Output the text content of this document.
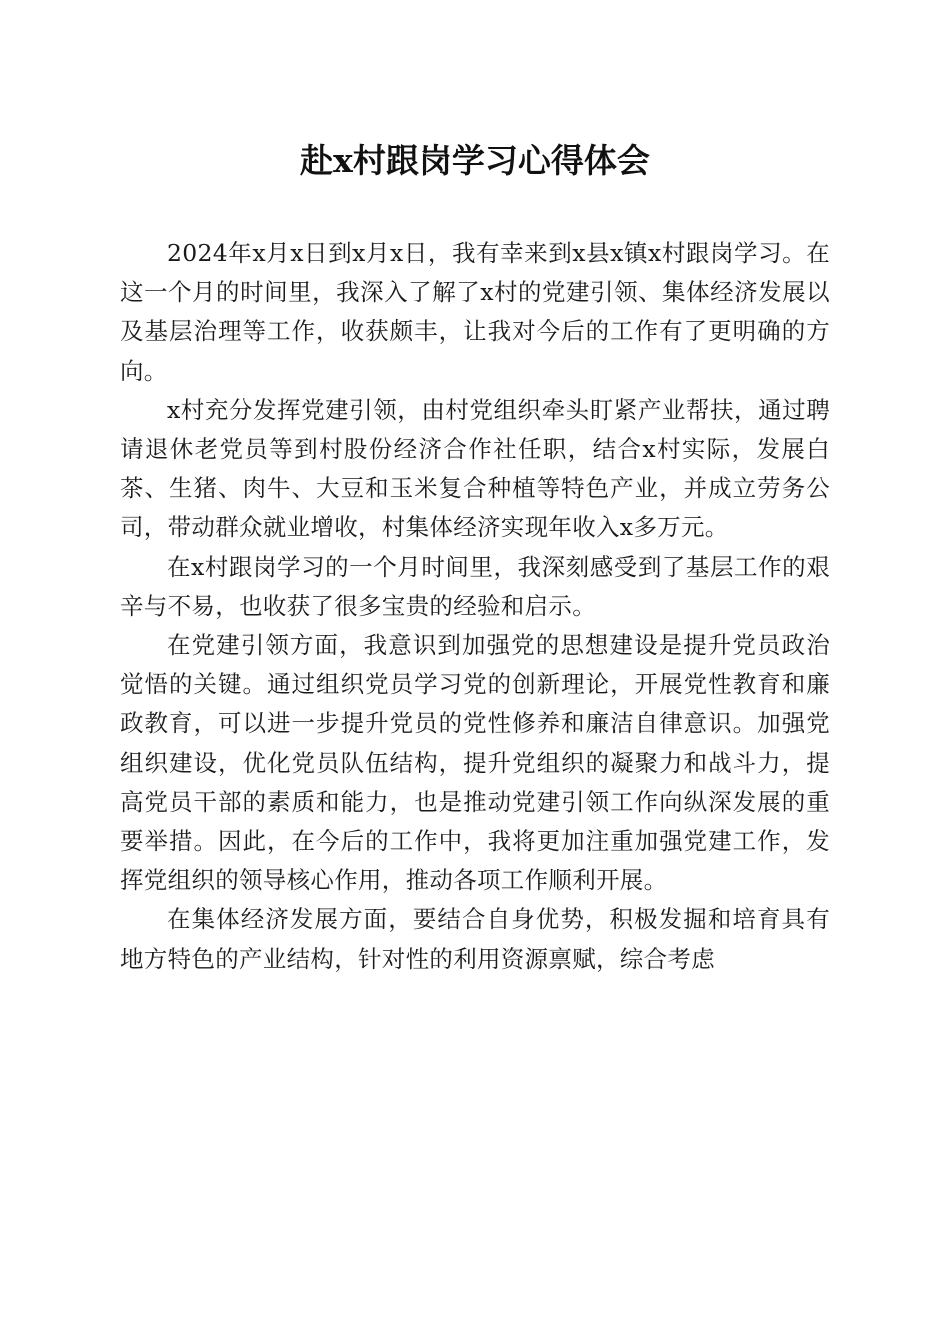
赴x村跟岗学习心得体会

2024年x月x日到x月x日，我有幸来到x县x镇x村跟岗学习。在这一个月的时间里，我深入了解了x村的党建引领、集体经济发展以及基层治理等工作，收获颇丰，让我对今后的工作有了更明确的方向。

x村充分发挥党建引领，由村党组织牵头盯紧产业帮扶，通过聘请退休老党员等到村股份经济合作社任职，结合x村实际，发展白茶、生猪、肉牛、大豆和玉米复合种植等特色产业，并成立劳务公司，带动群众就业增收，村集体经济实现年收入x多万元。

在x村跟岗学习的一个月时间里，我深刻感受到了基层工作的艰辛与不易，也收获了很多宝贵的经验和启示。

在党建引领方面，我意识到加强党的思想建设是提升党员政治觉悟的关键。通过组织党员学习党的创新理论，开展党性教育和廉政教育，可以进一步提升党员的党性修养和廉洁自律意识。加强党组织建设，优化党员队伍结构，提升党组织的凝聚力和战斗力，提高党员干部的素质和能力，也是推动党建引领工作向纵深发展的重要举措。因此，在今后的工作中，我将更加注重加强党建工作，发挥党组织的领导核心作用，推动各项工作顺利开展。

在集体经济发展方面，要结合自身优势，积极发掘和培育具有地方特色的产业结构，针对性的利用资源禀赋，综合考虑
